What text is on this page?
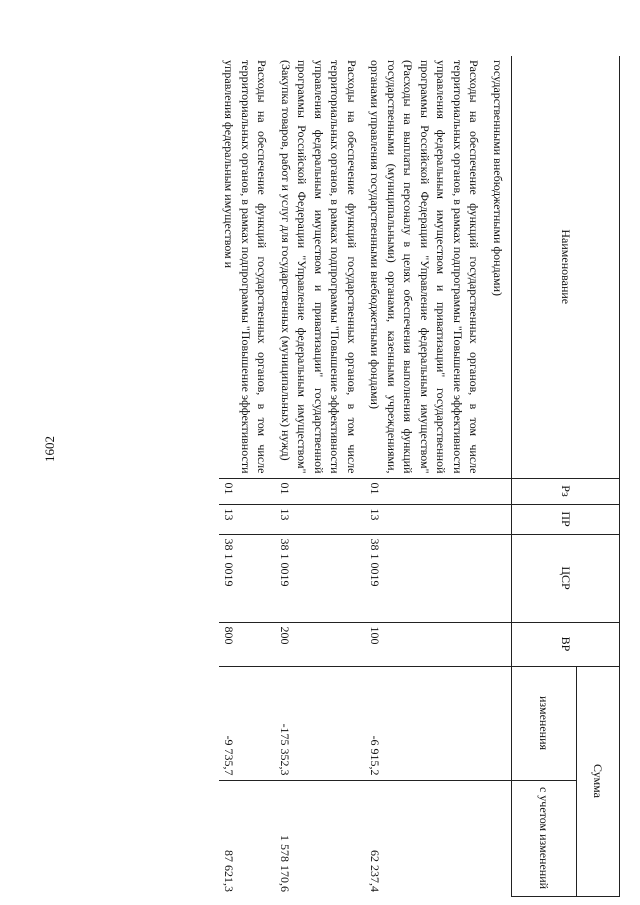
1602
Наименование	Рз	ПР	ЦСР	ВР	Сумма	
					изменения	с учетом изменений
государственными внебюджетными фондами)						
Расходы на обеспечение функций государственных органов, в том числе территориальных органов, в рамках подпрограммы "Повышение эффективности управления федеральным имуществом и приватизации" государственной программы Российской Федерации "Управление федеральным имуществом" (Расходы на выплаты персоналу в целях обеспечения выполнения функций государственными (муниципальными) органами, казенными учреждениями, органами управления государственными внебюджетными фондами)	01	13	38 1 0019	100	-6 915,2	62 237,4
Расходы на обеспечение функций государственных органов, в том числе территориальных органов, в рамках подпрограммы "Повышение эффективности управления федеральным имуществом и приватизации" государственной программы Российской Федерации "Управление федеральным имуществом" (Закупка товаров, работ и услуг для государственных (муниципальных) нужд)	01	13	38 1 0019	200	-175 352,3	1 578 170,6
Расходы на обеспечение функций государственных органов, в том числе территориальных органов, в рамках подпрограммы "Повышение эффективности управления федеральным имуществом и	01	13	38 1 0019	800	-9 735,7	87 621,3
